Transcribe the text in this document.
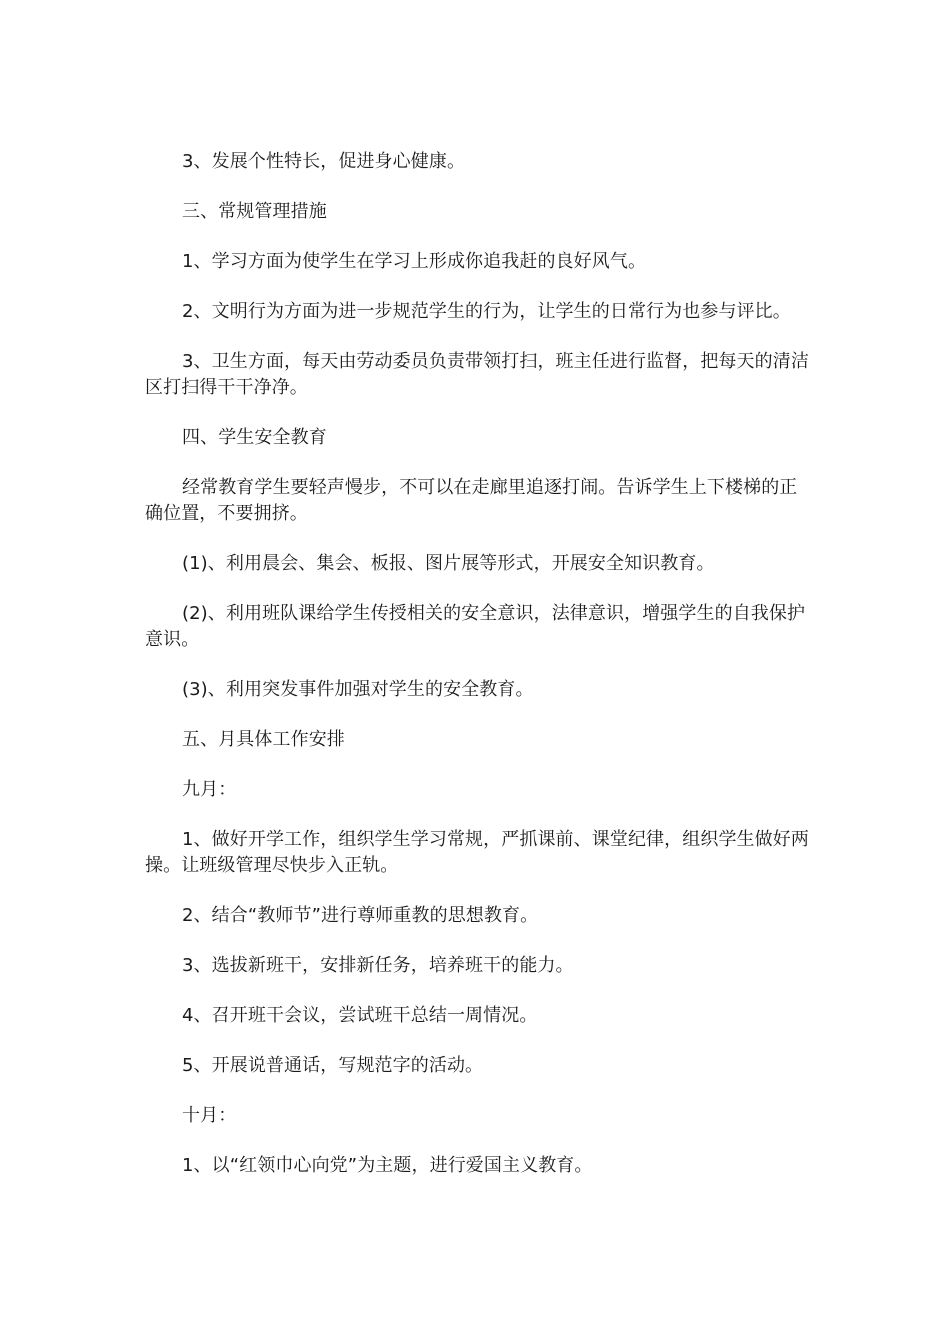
3、发展个性特长，促进身心健康。

三、常规管理措施

1、学习方面为使学生在学习上形成你追我赶的良好风气。

2、文明行为方面为进一步规范学生的行为，让学生的日常行为也参与评比。

3、卫生方面，每天由劳动委员负责带领打扫，班主任进行监督，把每天的清洁区打扫得干干净净。

四、学生安全教育

经常教育学生要轻声慢步，不可以在走廊里追逐打闹。告诉学生上下楼梯的正确位置，不要拥挤。

(1)、利用晨会、集会、板报、图片展等形式，开展安全知识教育。

(2)、利用班队课给学生传授相关的安全意识，法律意识，增强学生的自我保护意识。

(3)、利用突发事件加强对学生的安全教育。

五、月具体工作安排

九月：

1、做好开学工作，组织学生学习常规，严抓课前、课堂纪律，组织学生做好两操。让班级管理尽快步入正轨。

2、结合“教师节”进行尊师重教的思想教育。

3、选拔新班干，安排新任务，培养班干的能力。

4、召开班干会议，尝试班干总结一周情况。

5、开展说普通话，写规范字的活动。

十月：

1、以“红领巾心向党”为主题，进行爱国主义教育。
